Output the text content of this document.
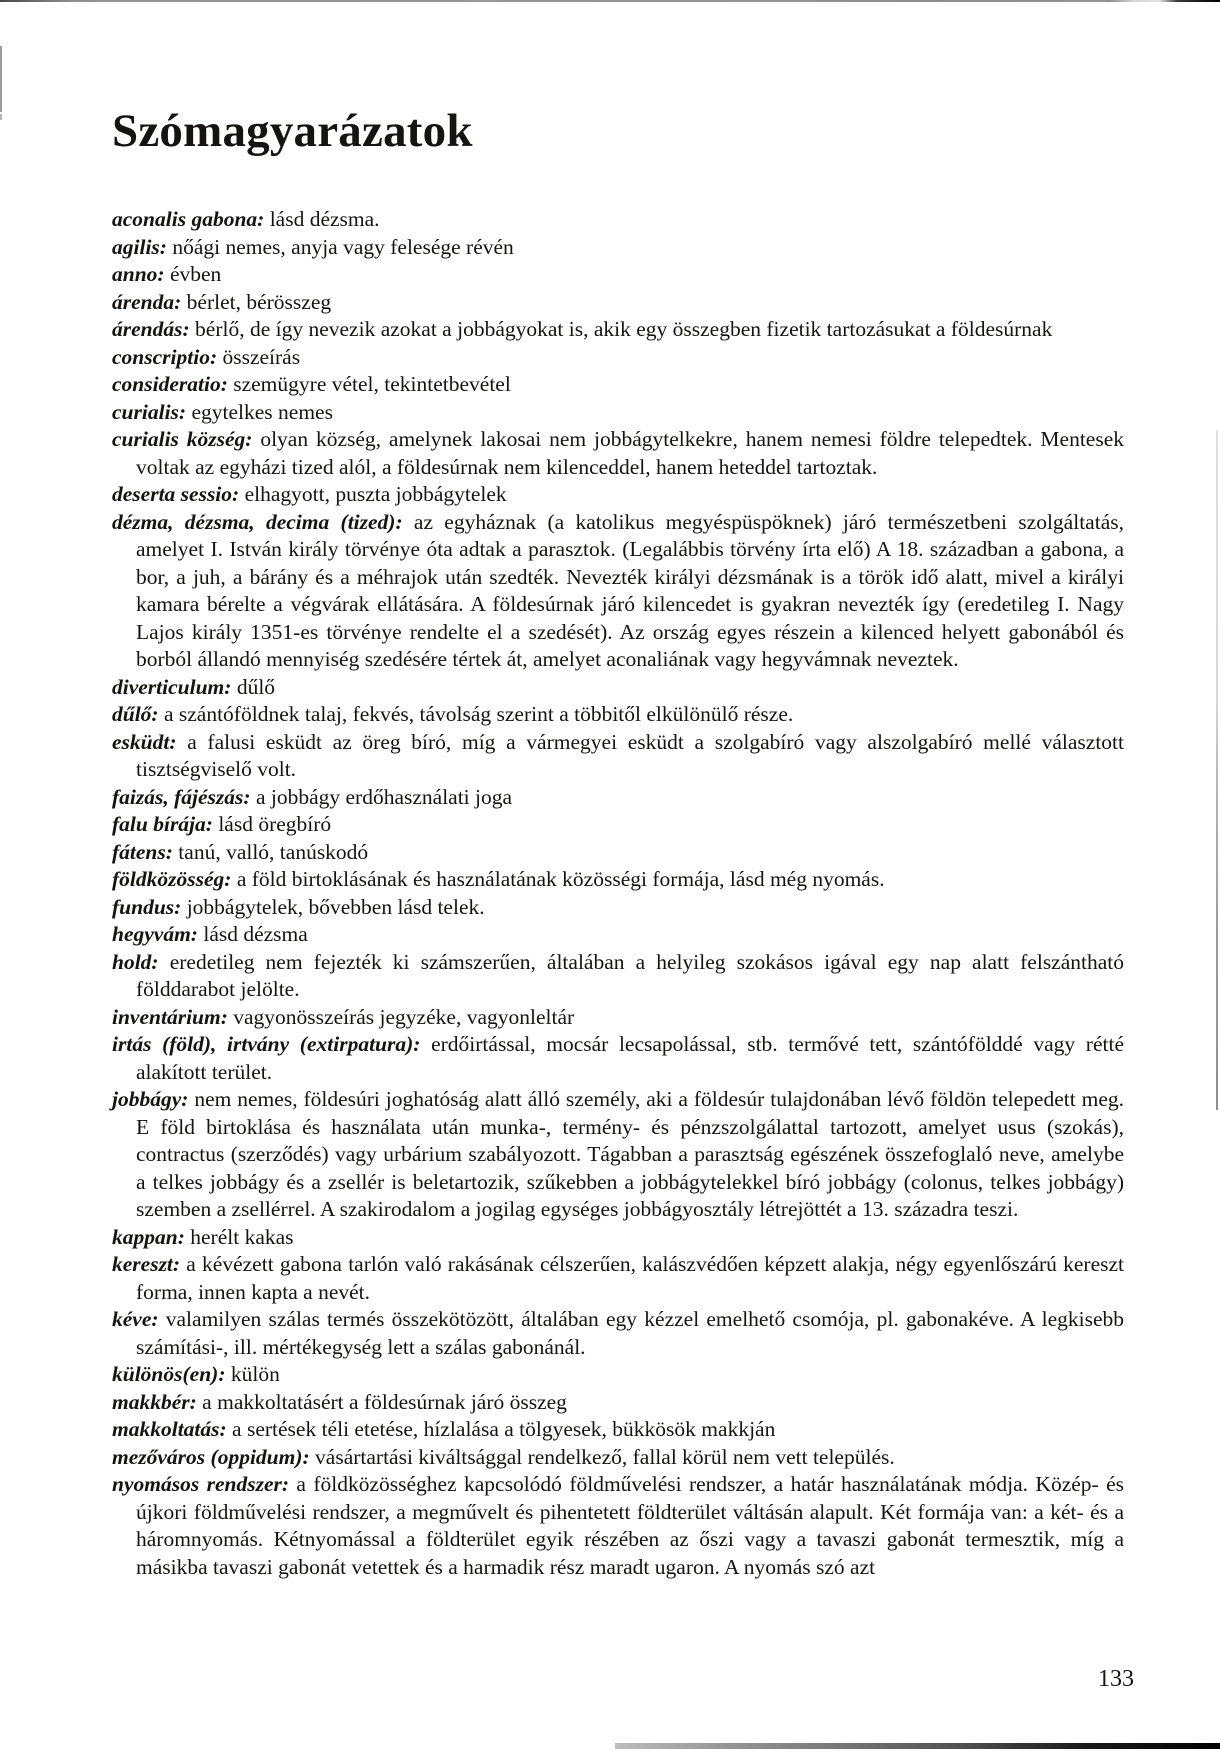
Szómagyarázatok

aconalis gabona: lásd dézsma.

agilis: nőági nemes, anyja vagy felesége révén

anno: évben

árenda: bérlet, bérösszeg

árendás: bérlő, de így nevezik azokat a jobbágyokat is, akik egy összegben fizetik tartozásukat a földesúrnak

conscriptio: összeírás

consideratio: szemügyre vétel, tekintetbevétel

curialis: egytelkes nemes

curialis község: olyan község, amelynek lakosai nem jobbágytelkekre, hanem nemesi földre telepedtek. Mentesek voltak az egyházi tized alól, a földesúrnak nem kilenceddel, hanem heteddel tartoztak.

deserta sessio: elhagyott, puszta jobbágytelek

dézma, dézsma, decima (tized): az egyháznak (a katolikus megyéspüspöknek) járó természetbeni szolgáltatás, amelyet I. István király törvénye óta adtak a parasztok. (Legalábbis törvény írta elő) A 18. században a gabona, a bor, a juh, a bárány és a méhrajok után szedték. Nevezték királyi dézsmának is a török idő alatt, mivel a királyi kamara bérelte a végvárak ellátására. A földesúrnak járó kilencedet is gyakran nevezték így (eredetileg I. Nagy Lajos király 1351-es törvénye rendelte el a szedését). Az ország egyes részein a kilenced helyett gabonából és borból állandó mennyiség szedésére tértek át, amelyet aconaliának vagy hegyvámnak neveztek.

diverticulum: dűlő

dűlő: a szántóföldnek talaj, fekvés, távolság szerint a többitől elkülönülő része.

esküdt: a falusi esküdt az öreg bíró, míg a vármegyei esküdt a szolgabíró vagy alszolgabíró mellé választott tisztségviselő volt.

faizás, fájészás: a jobbágy erdőhasználati joga

falu bírája: lásd öregbíró

fátens: tanú, valló, tanúskodó

földközösség: a föld birtoklásának és használatának közösségi formája, lásd még nyomás.

fundus: jobbágytelek, bővebben lásd telek.

hegyvám: lásd dézsma

hold: eredetileg nem fejezték ki számszerűen, általában a helyileg szokásos igával egy nap alatt felszántható földdarabot jelölte.

inventárium: vagyonösszeírás jegyzéke, vagyonleltár

irtás (föld), irtvány (extirpatura): erdőirtással, mocsár lecsapolással, stb. termővé tett, szántófölddé vagy rétté alakított terület.

jobbágy: nem nemes, földesúri joghatóság alatt álló személy, aki a földesúr tulajdonában lévő földön telepedett meg. E föld birtoklása és használata után munka-, termény- és pénzszolgálattal tartozott, amelyet usus (szokás), contractus (szerződés) vagy urbárium szabályozott. Tágabban a parasztság egészének összefoglaló neve, amelybe a telkes jobbágy és a zsellér is beletartozik, szűkebben a jobbágytelekkel bíró jobbágy (colonus, telkes jobbágy) szemben a zsellérrel. A szakirodalom a jogilag egységes jobbágyosztály létrejöttét a 13. századra teszi.

kappan: herélt kakas

kereszt: a kévézett gabona tarlón való rakásának célszerűen, kalászvédően képzett alakja, négy egyenlőszárú kereszt forma, innen kapta a nevét.

kéve: valamilyen szálas termés összekötözött, általában egy kézzel emelhető csomója, pl. gabonakéve. A legkisebb számítási-, ill. mértékegység lett a szálas gabonánál.

különös(en): külön

makkbér: a makkoltatásért a földesúrnak járó összeg

makkoltatás: a sertések téli etetése, hízlalása a tölgyesek, bükkösök makkján

mezőváros (oppidum): vásártartási kiváltsággal rendelkező, fallal körül nem vett település.

nyomásos rendszer: a földközösséghez kapcsolódó földművelési rendszer, a határ használatának módja. Közép- és újkori földművelési rendszer, a megművelt és pihentetett földterület váltásán alapult. Két formája van: a két- és a háromnyomás. Kétnyomással a földterület egyik részében az őszi vagy a tavaszi gabonát termesztik, míg a másikba tavaszi gabonát vetettek és a harmadik rész maradt ugaron. A nyomás szó azt

133
